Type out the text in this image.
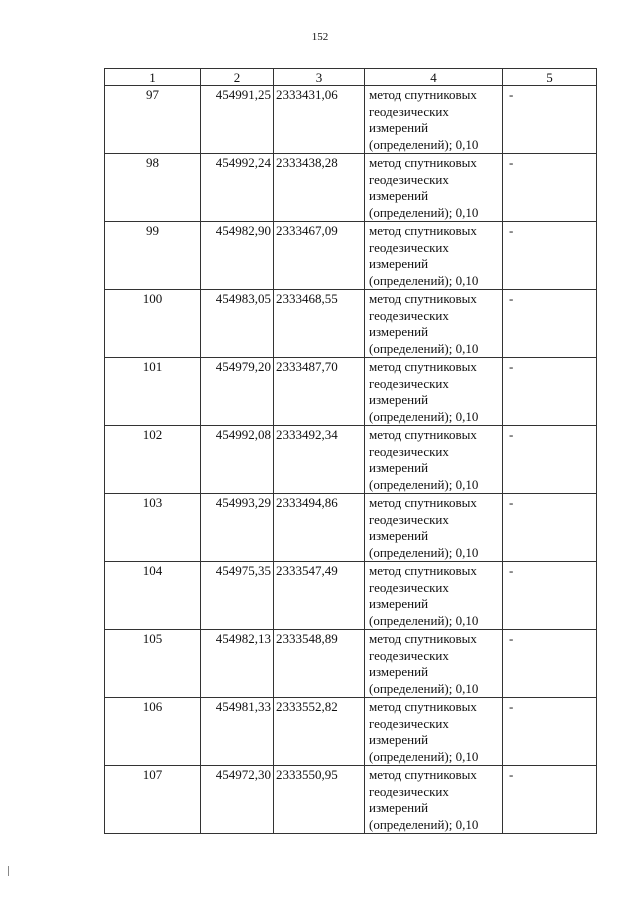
152
1	2	3	4	5
97	454991,25	2333431,06	метод спутниковых
геодезических
измерений
(определений); 0,10	-
98	454992,24	2333438,28	метод спутниковых
геодезических
измерений
(определений); 0,10	-
99	454982,90	2333467,09	метод спутниковых
геодезических
измерений
(определений); 0,10	-
100	454983,05	2333468,55	метод спутниковых
геодезических
измерений
(определений); 0,10	-
101	454979,20	2333487,70	метод спутниковых
геодезических
измерений
(определений); 0,10	-
102	454992,08	2333492,34	метод спутниковых
геодезических
измерений
(определений); 0,10	-
103	454993,29	2333494,86	метод спутниковых
геодезических
измерений
(определений); 0,10	-
104	454975,35	2333547,49	метод спутниковых
геодезических
измерений
(определений); 0,10	-
105	454982,13	2333548,89	метод спутниковых
геодезических
измерений
(определений); 0,10	-
106	454981,33	2333552,82	метод спутниковых
геодезических
измерений
(определений); 0,10	-
107	454972,30	2333550,95	метод спутниковых
геодезических
измерений
(определений); 0,10	-
